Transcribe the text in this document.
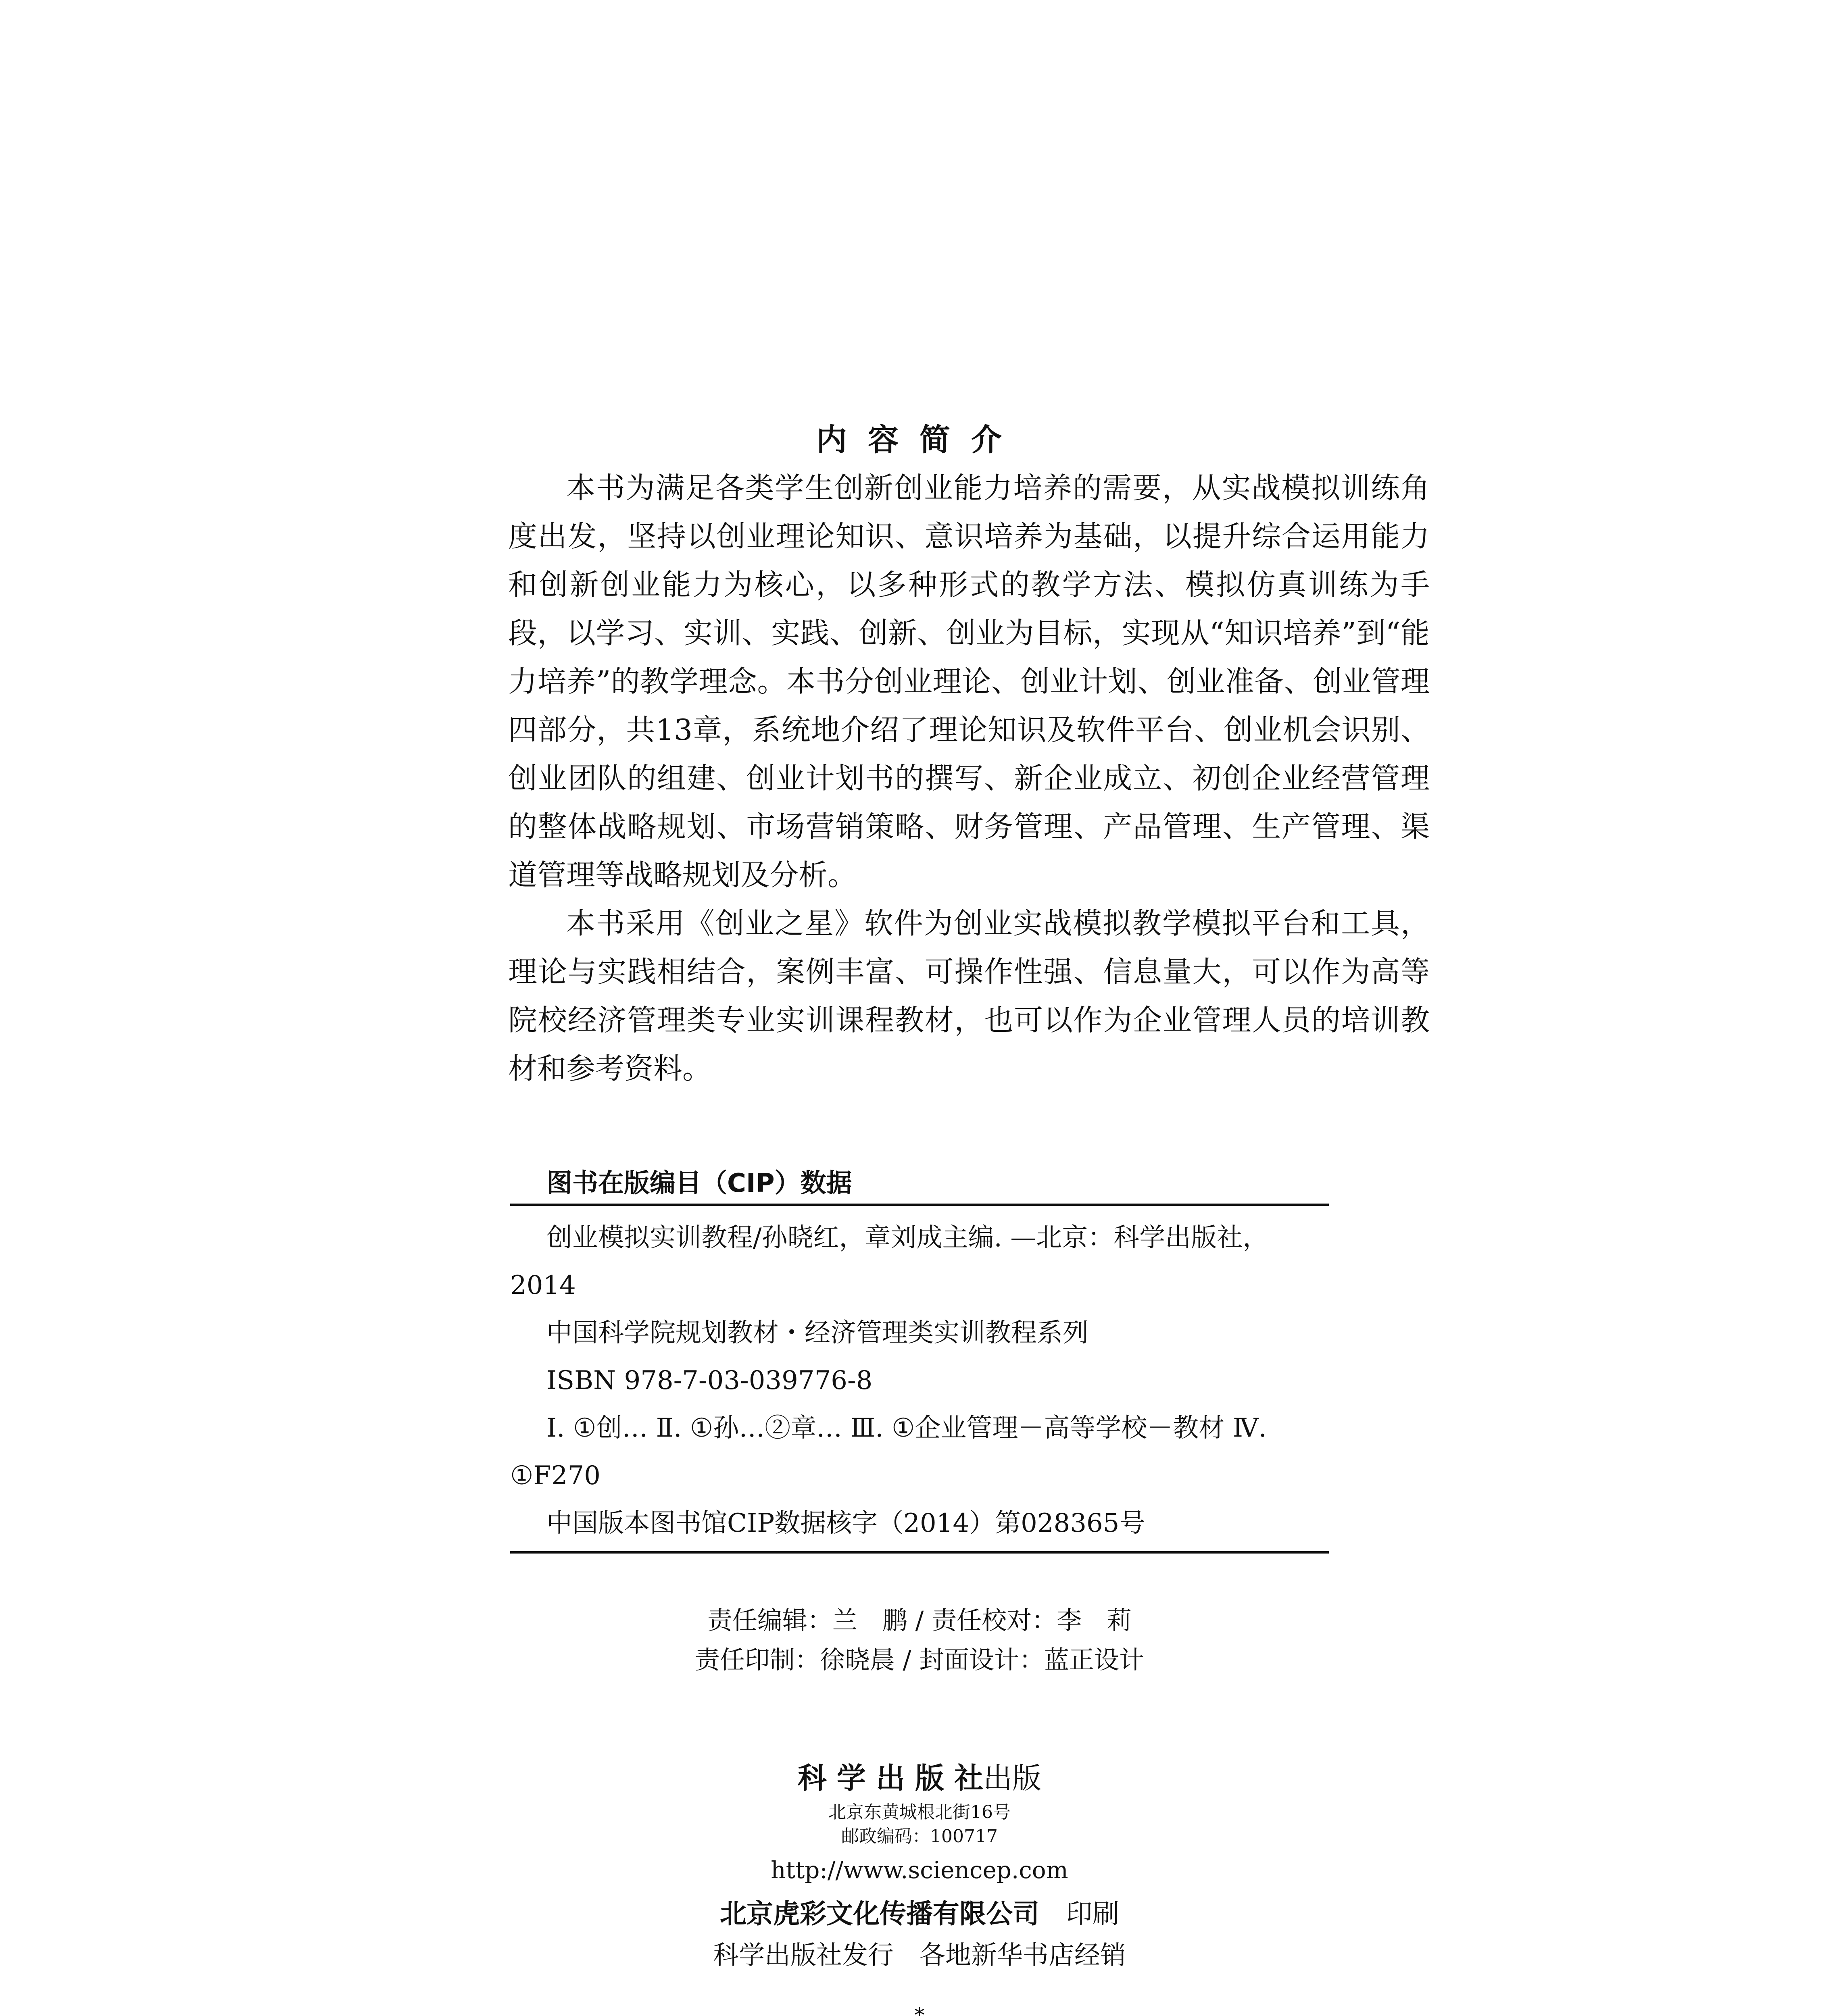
内容简介

本书为满足各类学生创新创业能力培养的需要，从实战模拟训练角度出发，坚持以创业理论知识、意识培养为基础，以提升综合运用能力和创新创业能力为核心，以多种形式的教学方法、模拟仿真训练为手段，以学习、实训、实践、创新、创业为目标，实现从“知识培养”到“能力培养”的教学理念。本书分创业理论、创业计划、创业准备、创业管理四部分，共13章，系统地介绍了理论知识及软件平台、创业机会识别、创业团队的组建、创业计划书的撰写、新企业成立、初创企业经营管理的整体战略规划、市场营销策略、财务管理、产品管理、生产管理、渠道管理等战略规划及分析。

本书采用《创业之星》软件为创业实战模拟教学模拟平台和工具，理论与实践相结合，案例丰富、可操作性强、信息量大，可以作为高等院校经济管理类专业实训课程教材，也可以作为企业管理人员的培训教材和参考资料。

图书在版编目（CIP）数据
创业模拟实训教程/孙晓红，章刘成主编. —北京：科学出版社，2014
中国科学院规划教材・经济管理类实训教程系列
ISBN 978-7-03-039776-8
Ⅰ. ①创… Ⅱ. ①孙…②章… Ⅲ. ①企业管理－高等学校－教材 Ⅳ. ①F270
中国版本图书馆CIP数据核字（2014）第028365号
责任编辑：兰　鹏 / 责任校对：李　莉
责任印制：徐晓晨 / 封面设计：蓝正设计
科 学 出 版 社出版
北京东黄城根北街16号
邮政编码：100717
http://www.sciencep.com
北京虎彩文化传播有限公司　 印刷
科学出版社发行　各地新华书店经销
*
